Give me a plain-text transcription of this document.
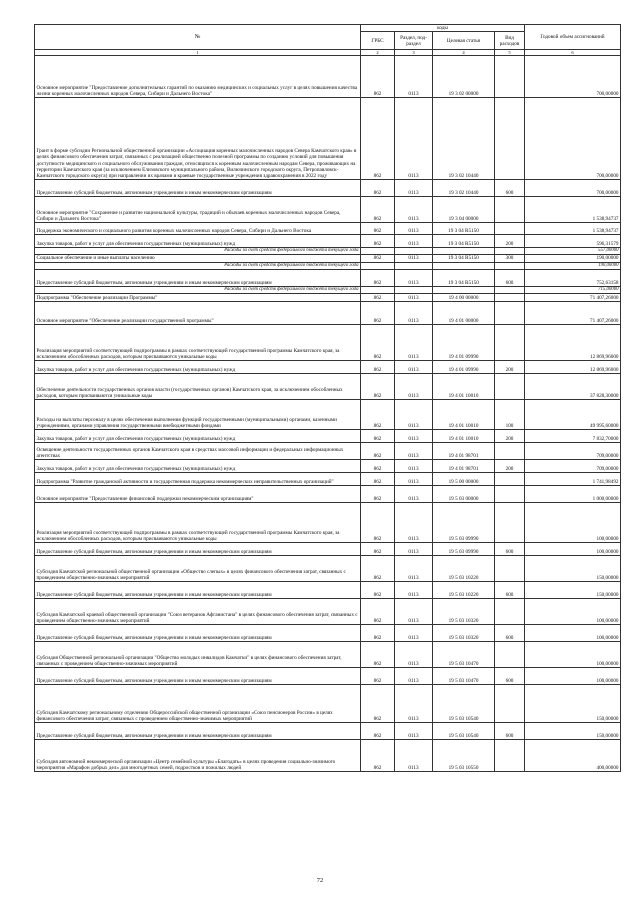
№	коды				Годовой объем ассигнований
	ГРБС	Раздел, под-раздел	Целевая статья	Вид расходов	
1	2	3	4	5	6
Основное мероприятие "Предоставление дополнительных гарантий по оказанию медицинских и социальных услуг в целях повышения качества жизни коренных малочисленных народов Севера, Сибири и Дальнего Востока"	862	0113	19 3 02 00000		700,00000
Грант в форме субсидии Региональной общественной организации «Ассоциация коренных малочисленных народов Севера Камчатского края» в целях финансового обеспечения затрат, связанных с реализацией общественно полезной программы по созданию условий для повышения доступности медицинского и социального обслуживания граждан, относящихся к коренным малочисленным народам Севера, проживающих на территории Камчатского края (за исключением Елизовского муниципального района, Вилючинского городского округа, Петропавловск-Камчатского городского округа) при направлении их врачами в краевые государственные учреждения здравоохранения в 2022 году	862	0113	19 3 02 10440		700,00000
Предоставление субсидий бюджетным, автономным учреждениям и иным некоммерческим организациям	862	0113	19 3 02 10440	600	700,00000
Основное мероприятие "Сохранение и развитие национальной культуры, традиций и обычаев коренных малочисленных народов Севера, Сибири и Дальнего Востока"	862	0113	19 3 04 00000		1 538,94737
Поддержка экономического и социального развития коренных малочисленных народов Севера, Сибири и Дальнего Востока	862	0113	19 3 04 R5150		1 538,94737
Закупка товаров, работ и услуг для обеспечения государственных (муниципальных) нужд	862	0113	19 3 04 R5150	200	596,31579
Расходы за счет средств федерального бюджета текущего года					557,00000
Социальное обеспечение и иные выплаты населению	862	0113	19 3 04 R5150	300	190,00000
Расходы за счет средств федерального бюджета текущего года					190,00000
Предоставление субсидий бюджетным, автономным учреждениям и иным некоммерческим организациям	862	0113	19 3 04 R5150	600	752,63158
Расходы за счет средств федерального бюджета текущего года					715,00000
Подпрограмма "Обеспечение реализации Программы"	862	0113	19 4 00 00000		71 407,26000
Основное мероприятие "Обеспечение реализации государственной программы"	862	0113	19 4 01 00000		71 407,26000
Реализация мероприятий соответствующей подпрограммы в рамках соответствующей государственной программы Камчатского края, за исключением обособленных расходов, которым присваиваются уникальные коды	862	0113	19 4 01 09990		12 869,96000
Закупка товаров, работ и услуг для обеспечения государственных (муниципальных) нужд	862	0113	19 4 01 09990	200	12 869,96000
Обеспечение деятельности государственных органов власти (государственных органов) Камчатского края, за исключением обособленных расходов, которым присваиваются уникальные коды	862	0113	19 4 01 10010		37 828,30000
Расходы на выплаты персоналу в целях обеспечения выполнения функций государственными (муниципальными) органами, казенными учреждениями, органами управления государственными внебюджетными фондами	862	0113	19 4 01 10010	100	49 995,60000
Закупка товаров, работ и услуг для обеспечения государственных (муниципальных) нужд	862	0113	19 4 01 10010	200	7 832,70000
Освещение деятельности государственных органов Камчатского края в средствах массовой информации и федеральных информационных агентствах	862	0113	19 4 01 98701		709,00000
Закупка товаров, работ и услуг для обеспечения государственных (муниципальных) нужд	862	0113	19 4 01 98701	200	709,00000
Подпрограмма "Развитие гражданской активности и государственная поддержка некоммерческих неправительственных организаций"	862	0113	19 5 00 00000		1 741,98492
Основное мероприятие "Предоставление финансовой поддержки некоммерческим организациям"	862	0113	19 5 03 00000		1 000,00000
Реализация мероприятий соответствующей подпрограммы в рамках соответствующей государственной программы Камчатского края, за исключением обособленных расходов, которым присваиваются уникальные коды	862	0113	19 5 03 09990		100,00000
Предоставление субсидий бюджетным, автономным учреждениям и иным некоммерческим организациям	862	0113	19 5 03 09990	600	100,00000
Субсидия Камчатской региональной общественной организации «Общество слепых» в целях финансового обеспечения затрат, связанных с проведением общественно-значимых мероприятий	862	0113	19 5 03 10220		150,00000
Предоставление субсидий бюджетным, автономным учреждениям и иным некоммерческим организациям	862	0113	19 5 03 10220	600	150,00000
Субсидия Камчатской краевой общественной организации "Союз ветеранов Афганистана" в целях финансового обеспечения затрат, связанных с проведением общественно-значимых мероприятий	862	0113	19 5 03 10320		100,00000
Предоставление субсидий бюджетным, автономным учреждениям и иным некоммерческим организациям	862	0113	19 5 03 10320	600	100,00000
Субсидия Общественной региональной организации "Общество молодых инвалидов Камчатки" в целях финансового обеспечения затрат, связанных с проведением общественно-значимых мероприятий	862	0113	19 5 03 10470		100,00000
Предоставление субсидий бюджетным, автономным учреждениям и иным некоммерческим организациям	862	0113	19 5 03 10470	600	100,00000
Субсидия Камчатскому региональному отделению Общероссийской общественной организации «Союз пенсионеров России» в целях финансового обеспечения затрат, связанных с проведением общественно-значимых мероприятий	862	0113	19 5 03 10540		150,00000
Предоставление субсидий бюджетным, автономным учреждениям и иным некоммерческим организациям	862	0113	19 5 03 10540	600	150,00000
Субсидия автономной некоммерческой организации «Центр семейной культуры «Благодать» в целях проведения социально-значимого мероприятия «Марафон добрых дел» для многодетных семей, подростков и пожилых людей	862	0113	19 5 03 10550		400,00000
72
